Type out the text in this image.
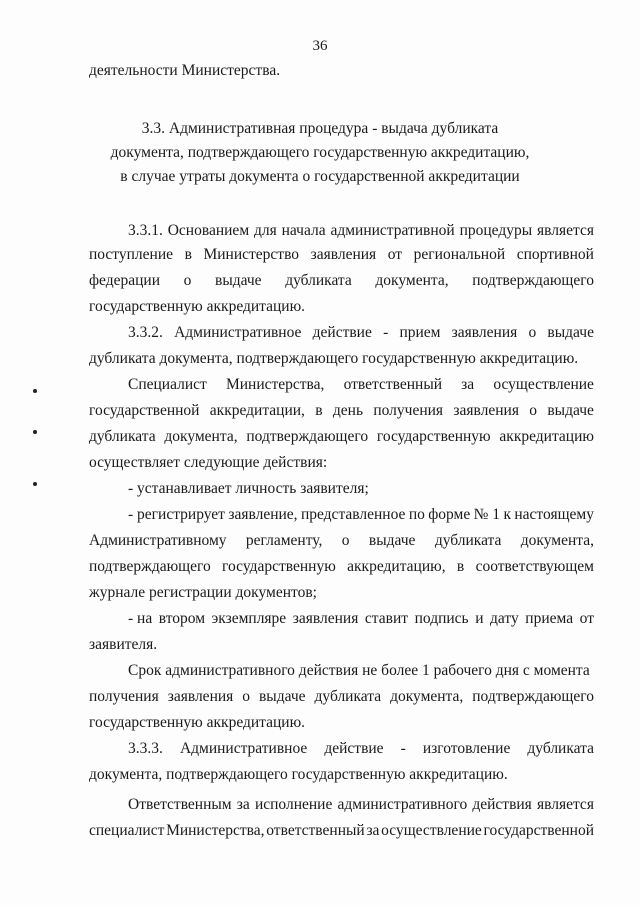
36
деятельности Министерства.
3.3. Административная процедура - выдача дубликата
документа, подтверждающего государственную аккредитацию,
в случае утраты документа о государственной аккредитации
3.3.1. Основанием для начала административной процедуры является
поступление в Министерство заявления от региональной спортивной
федерации о выдаче дубликата документа, подтверждающего
государственную аккредитацию.
3.3.2. Административное действие - прием заявления о выдаче
дубликата документа, подтверждающего государственную аккредитацию.
Специалист Министерства, ответственный за осуществление
государственной аккредитации, в день получения заявления о выдаче
дубликата документа, подтверждающего государственную аккредитацию
осуществляет следующие действия:
- устанавливает личность заявителя;
- регистрирует заявление, представленное по форме № 1 к настоящему
Административному регламенту, о выдаче дубликата документа,
подтверждающего государственную аккредитацию, в соответствующем
журнале регистрации документов;
- на втором экземпляре заявления ставит подпись и дату приема от
заявителя.
Срок административного действия не более 1 рабочего дня с момента
получения заявления о выдаче дубликата документа, подтверждающего
государственную аккредитацию.
3.3.3. Административное действие - изготовление дубликата
документа, подтверждающего государственную аккредитацию.
Ответственным за исполнение административного действия является
специалист Министерства, ответственный за осуществление государственной
